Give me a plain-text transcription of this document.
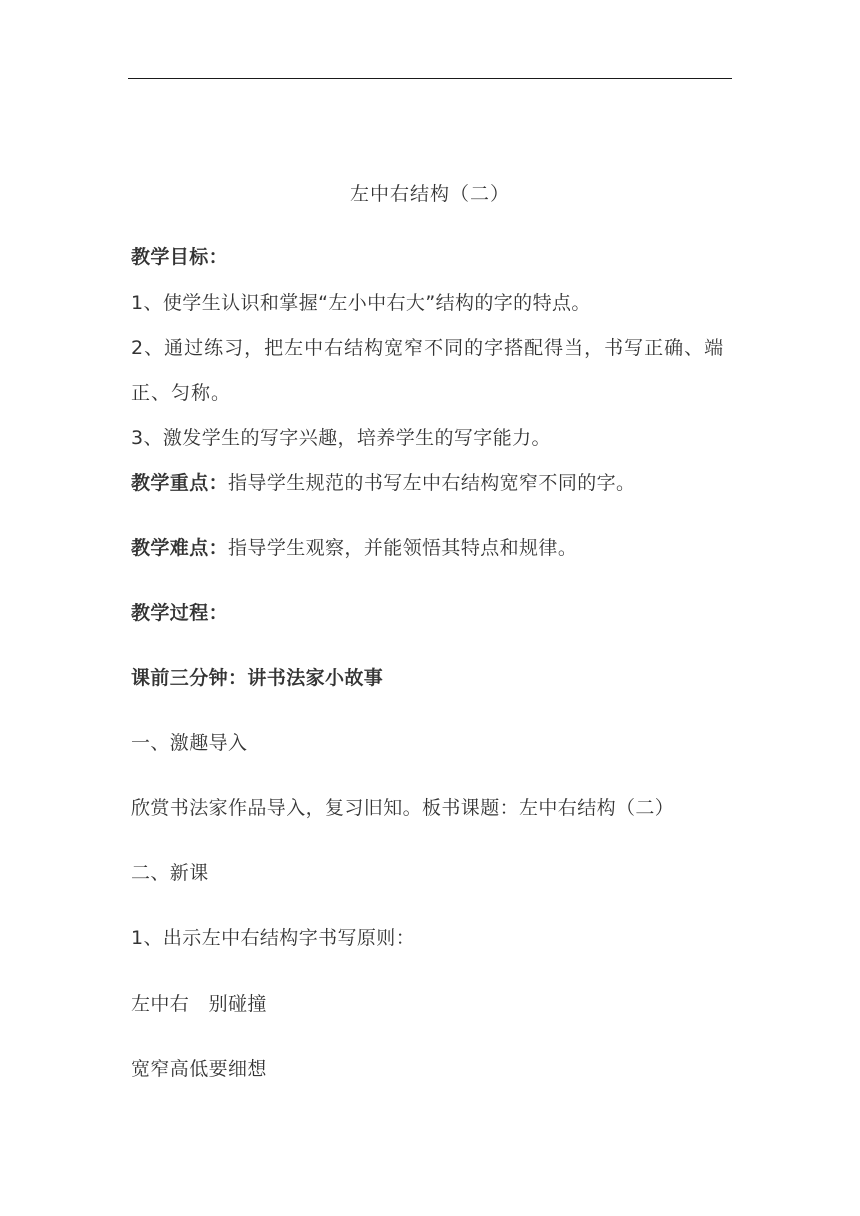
左中右结构（二）
教学目标：
1、使学生认识和掌握“左小中右大”结构的字的特点。
2、通过练习，把左中右结构宽窄不同的字搭配得当，书写正确、端正、匀称。
3、激发学生的写字兴趣，培养学生的写字能力。
教学重点：指导学生规范的书写左中右结构宽窄不同的字。
教学难点：指导学生观察，并能领悟其特点和规律。
教学过程：
课前三分钟：讲书法家小故事
一、激趣导入
欣赏书法家作品导入，复习旧知。板书课题：左中右结构（二）
二、新课
1、出示左中右结构字书写原则：
左中右　别碰撞
宽窄高低要细想
